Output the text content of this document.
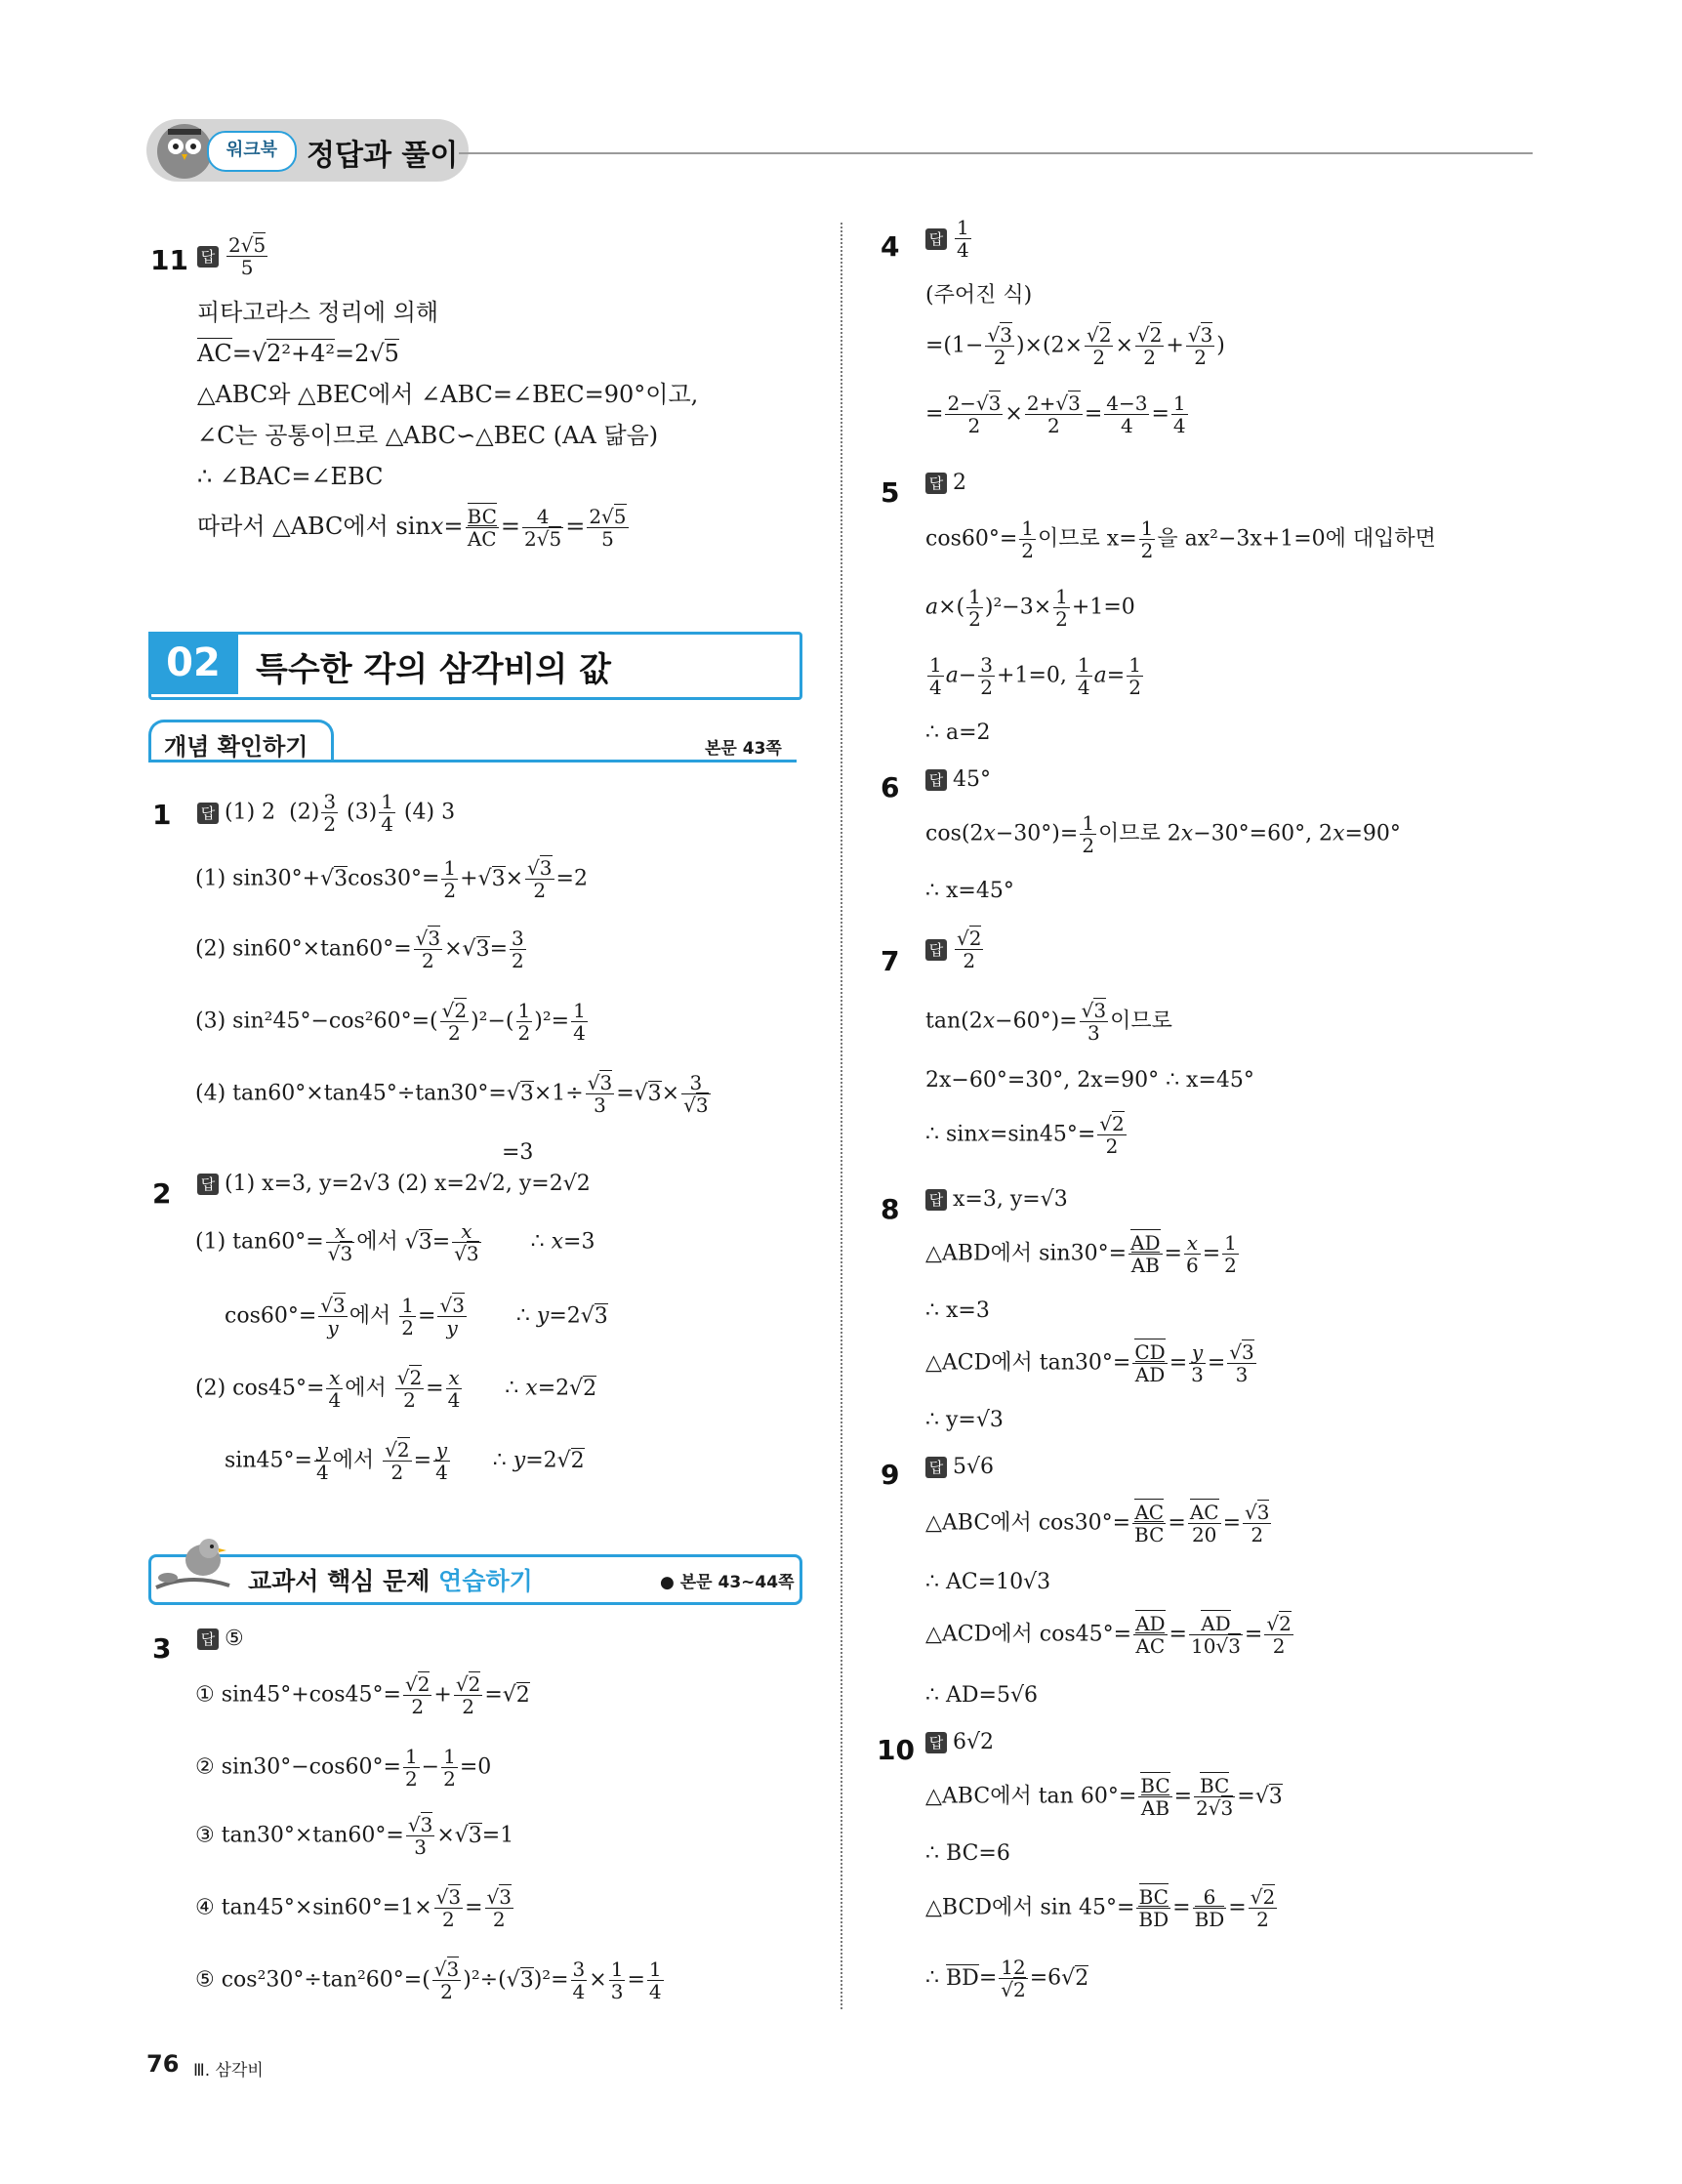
워크북 정답과 풀이
11 답 $\frac{2√5}{5}$
피타고라스 정리에 의해
AC=√2²+4²=2√5
△ABC와 △BEC에서 ∠ABC=∠BEC=90°이고,
∠C는 공통이므로 △ABC∽△BEC (AA 닮음)
∴ ∠BAC=∠EBC
따라서 △ABC에서 $\sin x= \frac{BC}{AC} = \frac{4}{2√5} = \frac{2√5}{5}$
02	특수한 각의 삼각비의 값
개념 확인하기	본문 43쪽
1 답 (1) 2  $(2) \frac{3}{2} (3) \frac{1}{4} (4)$ 3
(1) $\sin 30^\circ+√3\cos 30^\circ= \frac{1}{2} +√3\times \frac{√3}{2} =2$
(2) $\sin 60^\circ\times\tan 60^\circ= \frac{√3}{2} \times√3= \frac{3}{2}$
(3) $\sin^245^\circ-\cos^260^\circ=( \frac{√2}{2} )^2-( \frac{1}{2} )^2= \frac{1}{4}$
(4) $\tan 60^\circ\times\tan 45^\circ\div\tan 30^\circ=√3\times 1\div \frac{√3}{3} =√3\times \frac{3}{√3}$
=3
2 답 (1) x=3, y=2√3 (2) x=2√2, y=2√2
(1) $\tan 60^\circ= \frac{x}{√3}$ 에서 $√3= \frac{x}{√3}$ ∴ x=3
$\cos 60^\circ= \frac{√3}{y}$ 에서 $\frac{1}{2} = \frac{√3}{y}$ ∴ y=2√3
(2) $\cos 45^\circ= \frac{x}{4}$ 에서 $\frac{√2}{2} = \frac{x}{4}$ ∴ x=2√2
$\sin 45^\circ= \frac{y}{4}$ 에서 $\frac{√2}{2} = \frac{y}{4}$ ∴ y=2√2
교과서 핵심 문제 연습하기	● 본문 43~44쪽
3 답 ⑤
① $\sin 45^\circ+\cos 45^\circ= \frac{√2}{2} + \frac{√2}{2} =√2$
② $\sin 30^\circ-\cos 60^\circ= \frac{1}{2} - \frac{1}{2} =0$
③ $\tan 30^\circ\times\tan 60^\circ= \frac{√3}{3} \times√3=1$
④ $\tan 45^\circ\times\sin 60^\circ=1\times \frac{√3}{2} = \frac{√3}{2}$
⑤ $\cos^230^\circ\div\tan^260^\circ=( \frac{√3}{2} )^2\div(√3)^2= \frac{3}{4} \times \frac{1}{3} = \frac{1}{4}$
4 답 $\frac{1}{4}$
(주어진 식)
$=(1- \frac{√3}{2} )\times(2\times \frac{√2}{2} \times \frac{√2}{2} + \frac{√3}{2}$ )
= $\frac{2-√3}{2} \times \frac{2+√3}{2} = \frac{4-3}{4} = \frac{1}{4}$
5 답 2
$\cos 60^\circ= \frac{1}{2}$ 이므로 $x= \frac{1}{2}$ 을 ax²−3x+1=0에 대입하면
$a\times( \frac{1}{2} )^2-3\times \frac{1}{2} +1=0$
$\frac{1}{4} a- \frac{3}{2} +1=0$, $\frac{1}{4} a= \frac{1}{2}$
∴ a=2
6 답 45°
$\cos(2x-30^\circ)= \frac{1}{2}$ 이므로 2x−30°=60°, 2x=90°
∴ x=45°
7 답 $\frac{√2}{2}$
$\tan(2x-60^\circ)= \frac{√3}{3}$ 이므로
2x−60°=30°, 2x=90° ∴ x=45°
∴ $\sin x=\sin 45^\circ= \frac{√2}{2}$
8 답 x=3, y=√3
△ABD에서 $\sin 30^\circ= \frac{AD}{AB} = \frac{x}{6} = \frac{1}{2}$
∴ x=3
△ACD에서 $\tan 30^\circ= \frac{CD}{AD} = \frac{y}{3} = \frac{√3}{3}$
∴ y=√3
9 답 5√6
△ABC에서 $\cos 30^\circ= \frac{AC}{BC} = \frac{AC}{20} = \frac{√3}{2}$
∴ AC=10√3
△ACD에서 $\cos 45^\circ= \frac{AD}{AC} = \frac{AD}{10√3} = \frac{√2}{2}$
∴ AD=5√6
10 답 6√2
△ABC에서 $\tan 60^\circ= \frac{BC}{AB} = \frac{BC}{2√3} =√3$
∴ BC=6
△BCD에서 $\sin 45^\circ= \frac{BC}{BD} = \frac{6}{BD} = \frac{√2}{2}$
∴ $BD= \frac{12}{√2} =6√2$
76 Ⅲ. 삼각비
